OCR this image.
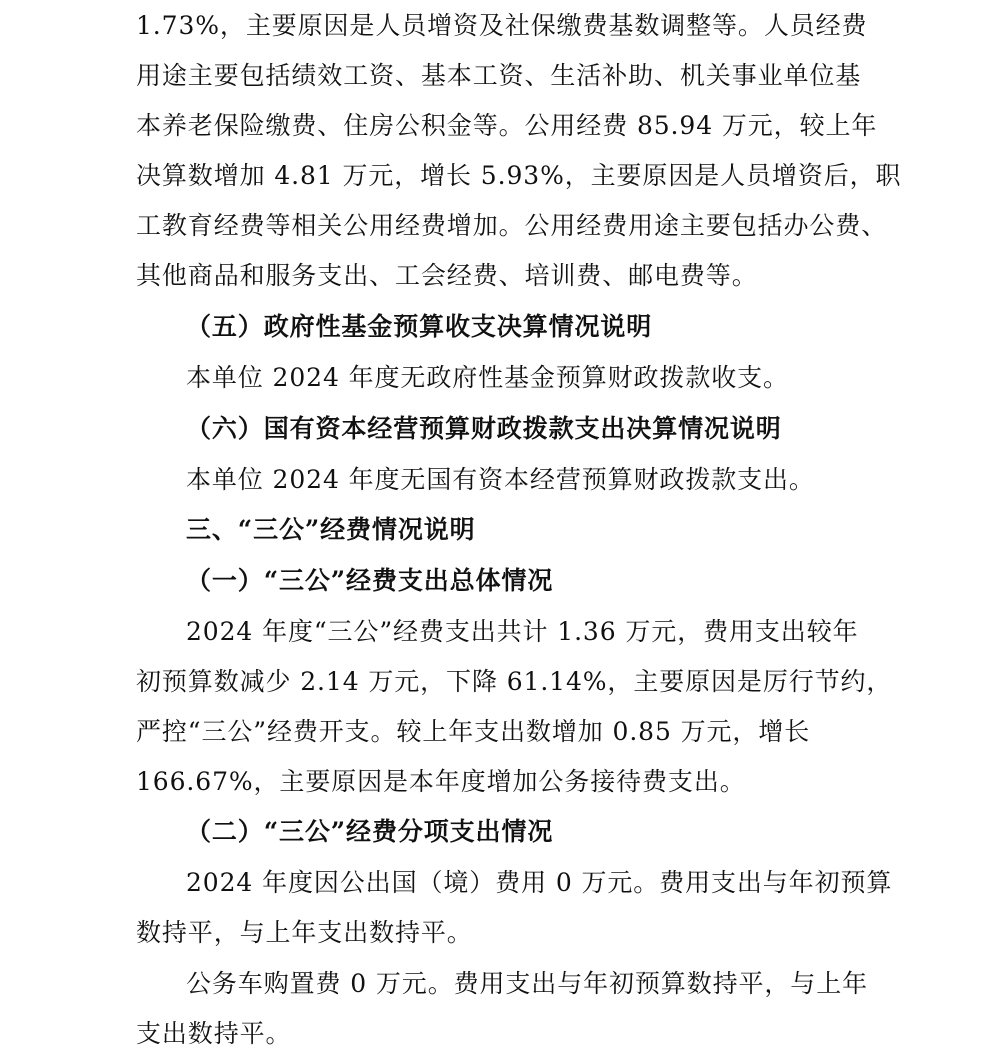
1.73%，主要原因是人员增资及社保缴费基数调整等。人员经费
用途主要包括绩效工资、基本工资、生活补助、机关事业单位基
本养老保险缴费、住房公积金等。公用经费 85.94 万元，较上年
决算数增加 4.81 万元，增长 5.93%，主要原因是人员增资后，职
工教育经费等相关公用经费增加。公用经费用途主要包括办公费、
其他商品和服务支出、工会经费、培训费、邮电费等。
（五）政府性基金预算收支决算情况说明
本单位 2024 年度无政府性基金预算财政拨款收支。
（六）国有资本经营预算财政拨款支出决算情况说明
本单位 2024 年度无国有资本经营预算财政拨款支出。
三、“三公”经费情况说明
（一）“三公”经费支出总体情况
2024 年度“三公”经费支出共计 1.36 万元，费用支出较年
初预算数减少 2.14 万元，下降 61.14%，主要原因是厉行节约，
严控“三公”经费开支。较上年支出数增加 0.85 万元，增长
166.67%，主要原因是本年度增加公务接待费支出。
（二）“三公”经费分项支出情况
2024 年度因公出国（境）费用 0 万元。费用支出与年初预算
数持平，与上年支出数持平。
公务车购置费 0 万元。费用支出与年初预算数持平，与上年
支出数持平。
